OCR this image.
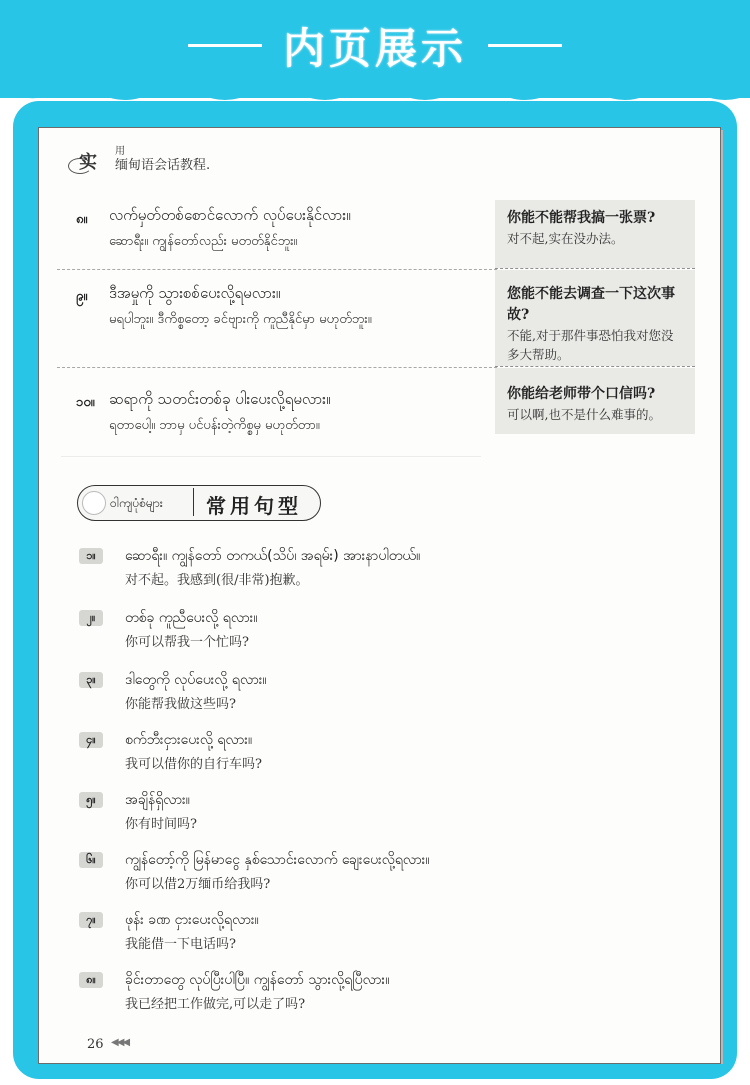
内页展示
实
用
缅甸语会话教程.
၈။ လက်မှတ်တစ်စောင်လောက် လုပ်ပေးနိုင်လား။
ဆောရီး။ ကျွန်တော်လည်း မတတ်နိုင်ဘူး။
你能不能帮我搞一张票?
对不起,实在没办法。
၉။ ဒီအမှုကို သွားစစ်ပေးလို့ရမလား။
မရပါဘူး။ ဒီကိစ္စတော့ ခင်ဗျားကို ကူညီနိုင်မှာ မဟုတ်ဘူး။
您能不能去调查一下这次事故?
不能,对于那件事恐怕我对您没多大帮助。
၁၀။ ဆရာကို သတင်းတစ်ခု ပါးပေးလို့ရမလား။
ရတာပေါ့။ ဘာမှ ပင်ပန်းတဲ့ကိစ္စမှ မဟုတ်တာ။
你能给老师带个口信吗?
可以啊,也不是什么难事的。
ဝါကျပုံစံများ 常用句型
၁။	ဆောရီး။ ကျွန်တော် တကယ်(သိပ်၊ အရမ်း) အားနာပါတယ်။
对不起。我感到(很/非常)抱歉。
၂။	တစ်ခု ကူညီပေးလို့ ရလား။
你可以帮我一个忙吗?
၃။	ဒါတွေကို လုပ်ပေးလို့ ရလား။
你能帮我做这些吗?
၄။	စက်ဘီးငှားပေးလို့ ရလား။
我可以借你的自行车吗?
၅။	အချိန်ရှိလား။
你有时间吗?
၆။	ကျွန်တော့်ကို မြန်မာငွေ နှစ်သောင်းလောက် ချေးပေးလို့ရလား။
你可以借2万缅币给我吗?
၇။	ဖုန်း ခဏ ငှားပေးလို့ရလား။
我能借一下电话吗?
၈။	ခိုင်းတာတွေ လုပ်ပြီးပါပြီ။ ကျွန်တော် သွားလို့ရပြီလား။
我已经把工作做完,可以走了吗?
26 ◀◀◀
